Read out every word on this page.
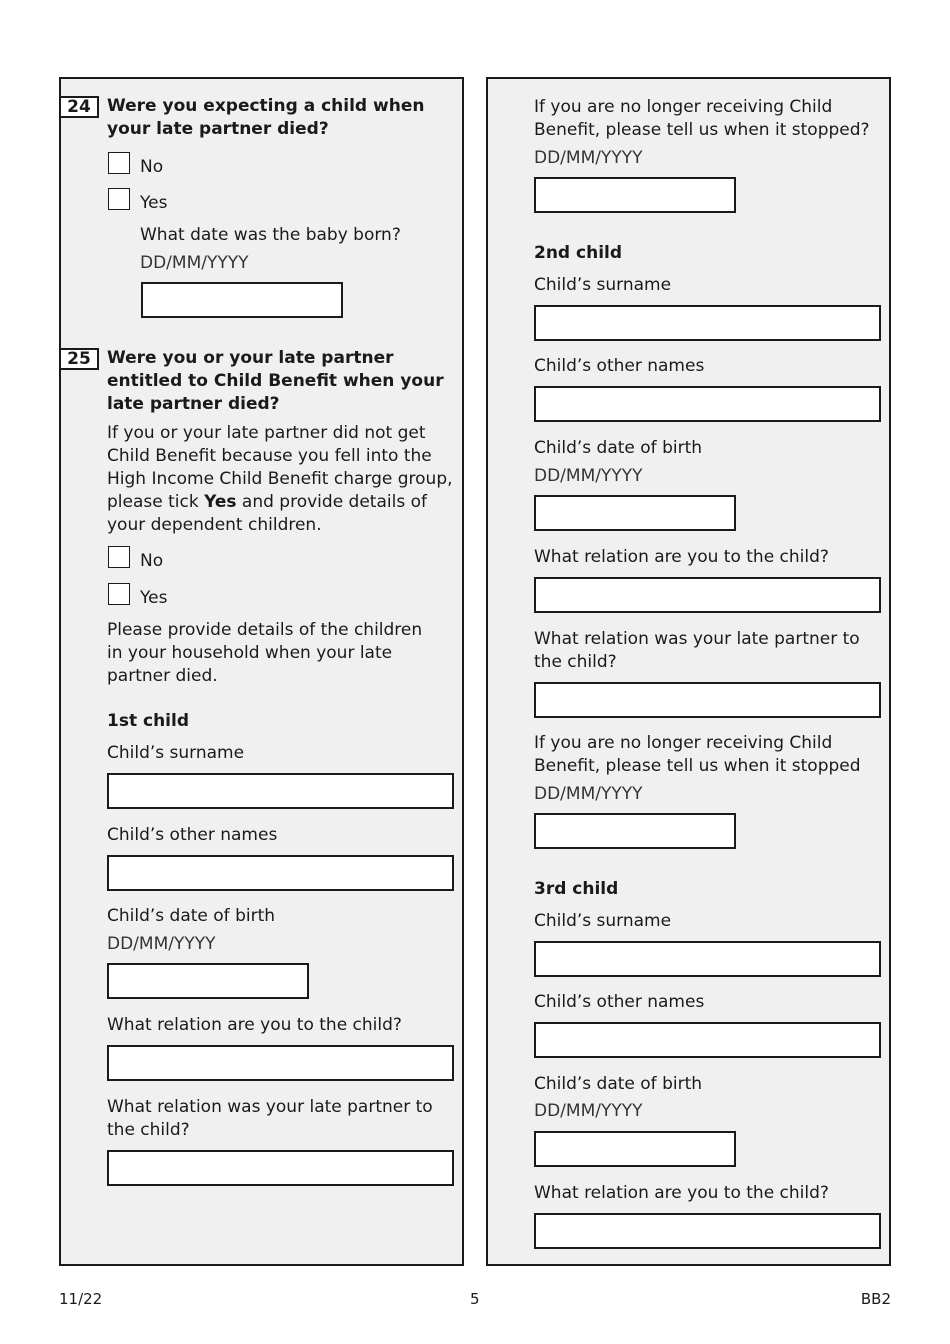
24 Were you expecting a child when your late partner died?
No
Yes
What date was the baby born?
DD/MM/YYYY
25 Were you or your late partner entitled to Child Benefit when your late partner died?
If you or your late partner did not get Child Benefit because you fell into the High Income Child Benefit charge group, please tick Yes and provide details of your dependent children.
No
Yes
Please provide details of the children in your household when your late partner died.
1st child
Child’s surname
Child’s other names
Child’s date of birth
DD/MM/YYYY
What relation are you to the child?
What relation was your late partner to the child?
If you are no longer receiving Child Benefit, please tell us when it stopped?
DD/MM/YYYY
2nd child
Child’s surname
Child’s other names
Child’s date of birth
DD/MM/YYYY
What relation are you to the child?
What relation was your late partner to the child?
If you are no longer receiving Child Benefit, please tell us when it stopped
DD/MM/YYYY
3rd child
Child’s surname
Child’s other names
Child’s date of birth
DD/MM/YYYY
What relation are you to the child?
11/22	5	BB2
